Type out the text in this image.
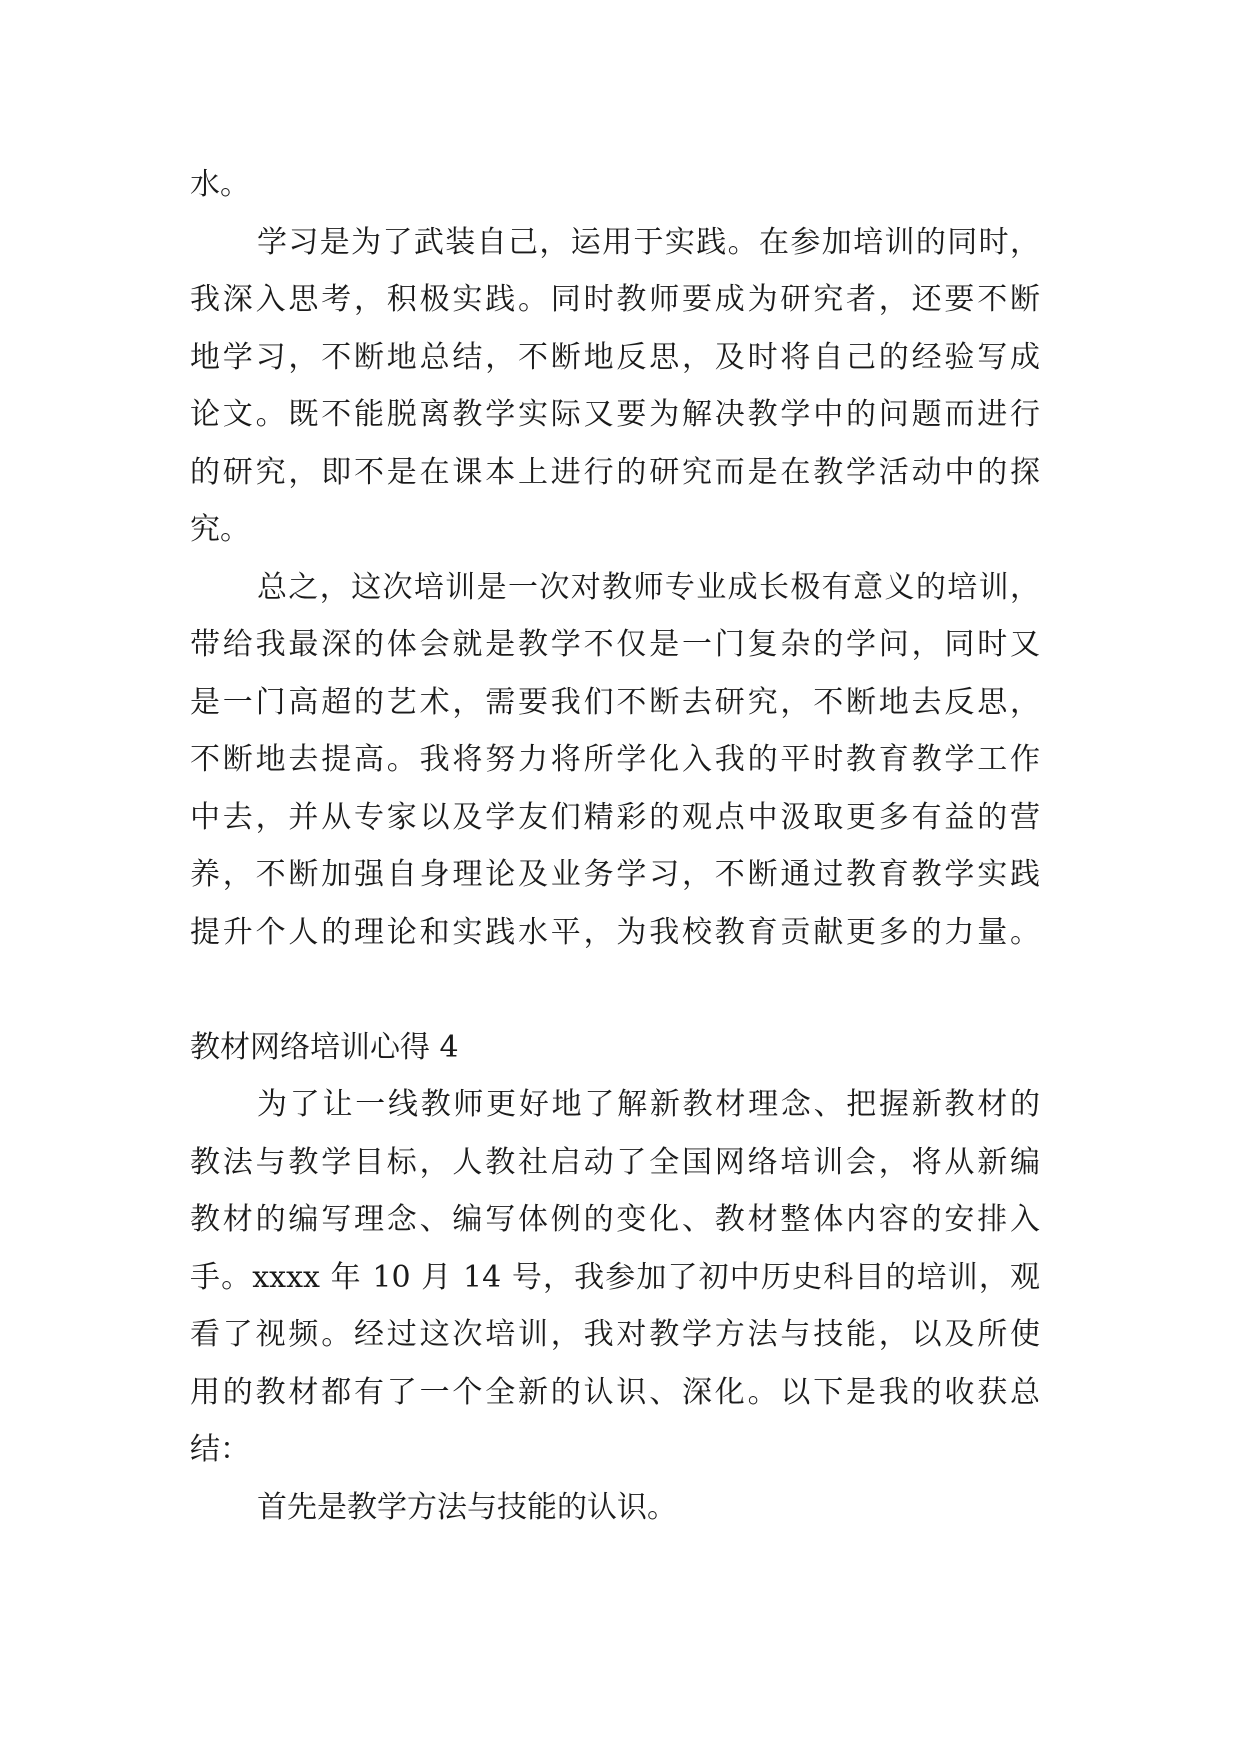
水。
学习是为了武装自己，运用于实践。在参加培训的同时，
我深入思考，积极实践。同时教师要成为研究者，还要不断
地学习，不断地总结，不断地反思，及时将自己的经验写成
论文。既不能脱离教学实际又要为解决教学中的问题而进行
的研究，即不是在课本上进行的研究而是在教学活动中的探
究。
总之，这次培训是一次对教师专业成长极有意义的培训，
带给我最深的体会就是教学不仅是一门复杂的学问，同时又
是一门高超的艺术，需要我们不断去研究，不断地去反思，
不断地去提高。我将努力将所学化入我的平时教育教学工作
中去，并从专家以及学友们精彩的观点中汲取更多有益的营
养，不断加强自身理论及业务学习，不断通过教育教学实践
提升个人的理论和实践水平，为我校教育贡献更多的力量。
教材网络培训心得 4
为了让一线教师更好地了解新教材理念、把握新教材的
教法与教学目标，人教社启动了全国网络培训会，将从新编
教材的编写理念、编写体例的变化、教材整体内容的安排入
手。xxxx 年 10 月 14 号，我参加了初中历史科目的培训，观
看了视频。经过这次培训，我对教学方法与技能，以及所使
用的教材都有了一个全新的认识、深化。以下是我的收获总
结：
首先是教学方法与技能的认识。
